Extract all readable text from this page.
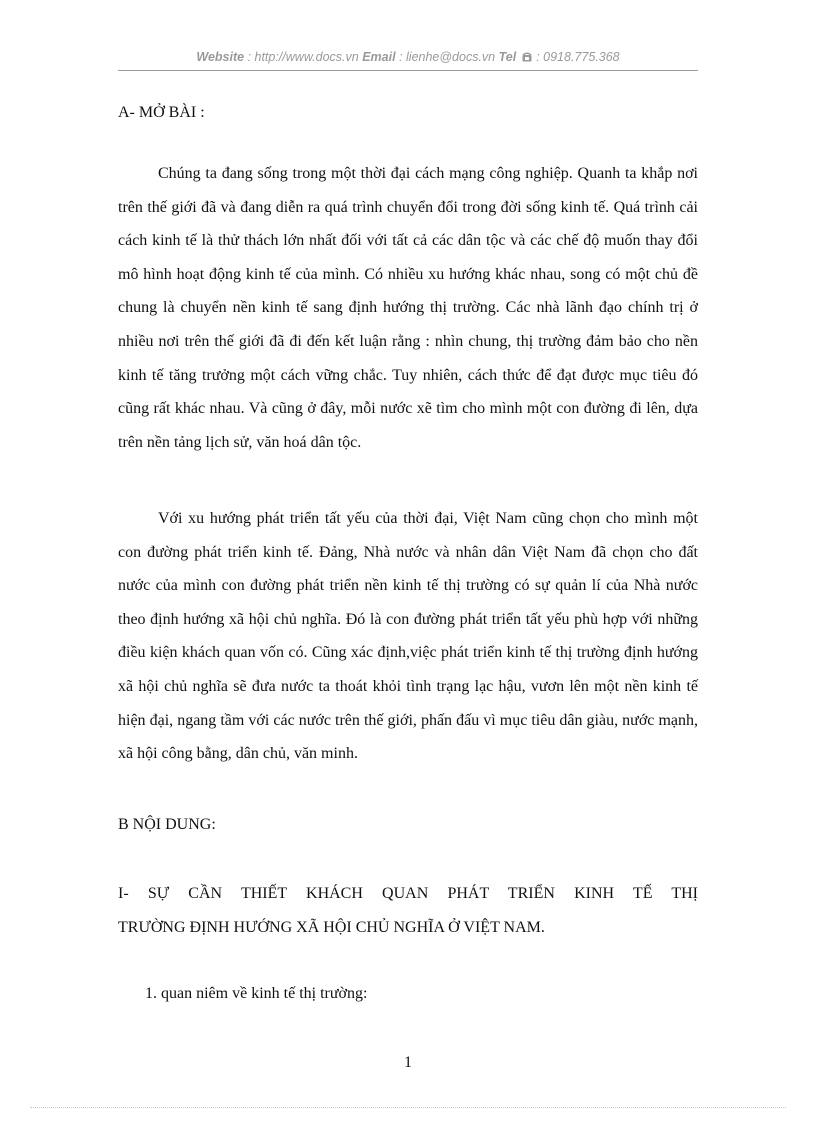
Website : http://www.docs.vn Email : lienhe@docs.vn Tel : 0918.775.368
A- MỞ BÀI :
Chúng ta đang sống trong một thời đại cách mạng công nghiệp. Quanh ta khắp nơi trên thế giới đã và đang diễn ra quá trình chuyển đổi trong đời sống kinh tế. Quá trình cải cách kinh tế là thử thách lớn nhất đối với tất cả các dân tộc và các chế độ muốn thay đổi mô hình hoạt động kinh tế của mình. Có nhiều xu hướng khác nhau, song có một chủ đề chung là chuyển nền kinh tế sang định hướng thị trường. Các nhà lãnh đạo chính trị ở nhiều nơi trên thế giới đã đi đến kết luận rằng : nhìn chung, thị trường đảm bảo cho nền kinh tế tăng trưởng một cách vững chắc. Tuy nhiên, cách thức để đạt được mục tiêu đó cũng rất khác nhau. Và cũng ở đây, mỗi nước xẽ tìm cho mình một con đường đi lên, dựa trên nền tảng lịch sử, văn hoá dân tộc.
Với xu hướng phát triển tất yếu của thời đại, Việt Nam cũng chọn cho mình một con đường phát triển kinh tế. Đảng, Nhà nước và nhân dân Việt Nam đã chọn cho đất nước của mình con đường phát triển nền kinh tế thị trường có sự quản lí của Nhà nước theo định hướng xã hội chủ nghĩa. Đó là con đường phát triển tất yếu phù hợp với những điều kiện khách quan vốn có. Cũng xác định,việc phát triển kinh tế thị trường định hướng xã hội chủ nghĩa sẽ đưa nước ta thoát khỏi tình trạng lạc hậu, vươn lên một nền kinh tế hiện đại, ngang tầm với các nước trên thế giới, phấn đấu vì mục tiêu dân giàu, nước mạnh, xã hội công bằng, dân chủ, văn minh.
B NỘI DUNG:
I- SỰ CẦN THIẾT KHÁCH QUAN PHÁT TRIỂN KINH TẾ THỊ
TRƯỜNG ĐỊNH HƯỚNG XÃ HỘI CHỦ NGHĨA Ở VIỆT NAM.
1. quan niêm về kinh tế thị trường:
1
